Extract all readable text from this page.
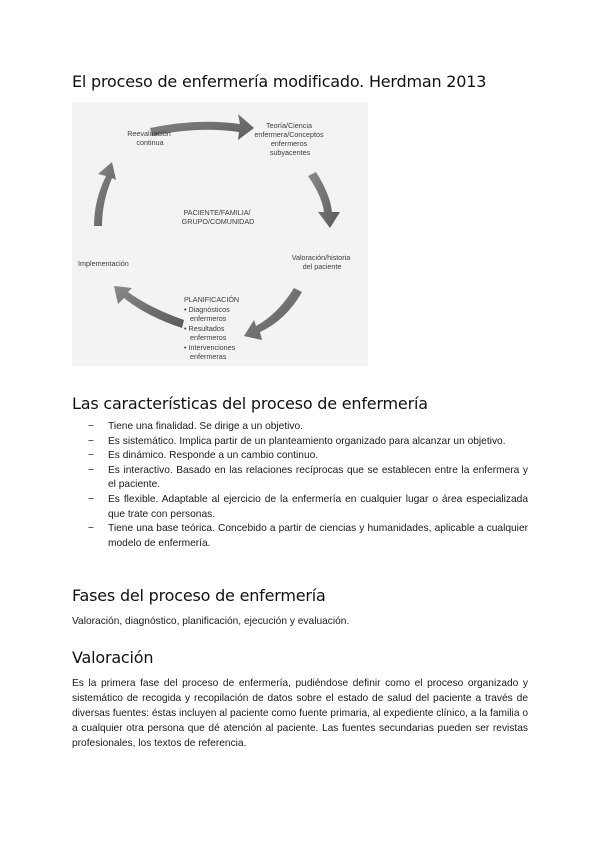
El proceso de enfermería modificado. Herdman 2013
Reevaluación continua
Teoría/Ciencia enfermera/Conceptos enfermeros subyacentes
PACIENTE/FAMILIA/ GRUPO/COMUNIDAD
Valoración/historia del paciente
Implementación
PLANIFICACIÓN • Diagnósticos enfermeros • Resultados enfermeros • Intervenciones enfermeras
Las características del proceso de enfermería
− Tiene una finalidad. Se dirige a un objetivo.
− Es sistemático. Implica partir de un planteamiento organizado para alcanzar un objetivo.
− Es dinámico. Responde a un cambio continuo.
− Es interactivo. Basado en las relaciones recíprocas que se establecen entre la enfermera y el paciente.
− Es flexible. Adaptable al ejercicio de la enfermería en cualquier lugar o área especializada que trate con personas.
− Tiene una base teórica. Concebido a partir de ciencias y humanidades, aplicable a cualquier modelo de enfermería.
Fases del proceso de enfermería

Valoración, diagnóstico, planificación, ejecución y evaluación.

Valoración

Es la primera fase del proceso de enfermería, pudiéndose definir como el proceso organizado y sistemático de recogida y recopilación de datos sobre el estado de salud del paciente a través de diversas fuentes: éstas incluyen al paciente como fuente primaria, al expediente clínico, a la familia o a cualquier otra persona que dé atención al paciente. Las fuentes secundarias pueden ser revistas profesionales, los textos de referencia.
